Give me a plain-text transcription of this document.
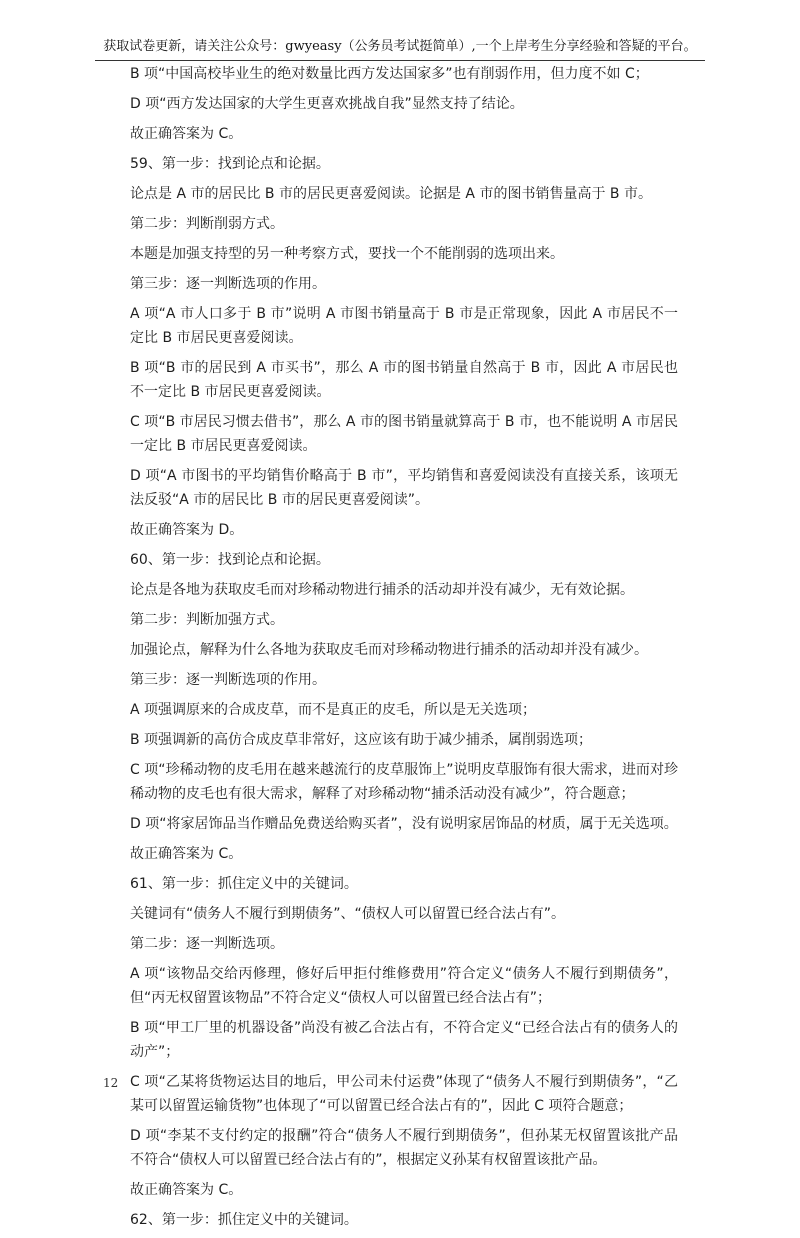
获取试卷更新，请关注公众号：gwyeasy（公务员考试挺简单）,一个上岸考生分享经验和答疑的平台。

B 项“中国高校毕业生的绝对数量比西方发达国家多”也有削弱作用，但力度不如 C；

D 项“西方发达国家的大学生更喜欢挑战自我”显然支持了结论。

故正确答案为 C。

59、第一步：找到论点和论据。

论点是 A 市的居民比 B 市的居民更喜爱阅读。论据是 A 市的图书销售量高于 B 市。

第二步：判断削弱方式。

本题是加强支持型的另一种考察方式，要找一个不能削弱的选项出来。

第三步：逐一判断选项的作用。

A 项“A 市人口多于 B 市”说明 A 市图书销量高于 B 市是正常现象，因此 A 市居民不一定比 B 市居民更喜爱阅读。

B 项“B 市的居民到 A 市买书”，那么 A 市的图书销量自然高于 B 市，因此 A 市居民也不一定比 B 市居民更喜爱阅读。

C 项“B 市居民习惯去借书”，那么 A 市的图书销量就算高于 B 市，也不能说明 A 市居民一定比 B 市居民更喜爱阅读。

D 项“A 市图书的平均销售价略高于 B 市”，平均销售和喜爱阅读没有直接关系，该项无法反驳“A 市的居民比 B 市的居民更喜爱阅读”。

故正确答案为 D。

60、第一步：找到论点和论据。

论点是各地为获取皮毛而对珍稀动物进行捕杀的活动却并没有减少，无有效论据。

第二步：判断加强方式。

加强论点，解释为什么各地为获取皮毛而对珍稀动物进行捕杀的活动却并没有减少。

第三步：逐一判断选项的作用。

A 项强调原来的合成皮草，而不是真正的皮毛，所以是无关选项；

B 项强调新的高仿合成皮草非常好，这应该有助于减少捕杀，属削弱选项；

C 项“珍稀动物的皮毛用在越来越流行的皮草服饰上”说明皮草服饰有很大需求，进而对珍稀动物的皮毛也有很大需求，解释了对珍稀动物“捕杀活动没有减少”，符合题意；

D 项“将家居饰品当作赠品免费送给购买者”，没有说明家居饰品的材质，属于无关选项。

故正确答案为 C。

61、第一步：抓住定义中的关键词。

关键词有“债务人不履行到期债务”、“债权人可以留置已经合法占有”。

第二步：逐一判断选项。

A 项“该物品交给丙修理，修好后甲拒付维修费用”符合定义“债务人不履行到期债务”，但“丙无权留置该物品”不符合定义“债权人可以留置已经合法占有”；

B 项“甲工厂里的机器设备”尚没有被乙合法占有，不符合定义“已经合法占有的债务人的动产”；

C 项“乙某将货物运达目的地后，甲公司未付运费”体现了“债务人不履行到期债务”，“乙某可以留置运输货物”也体现了“可以留置已经合法占有的”，因此 C 项符合题意；

D 项“李某不支付约定的报酬”符合“债务人不履行到期债务”，但孙某无权留置该批产品不符合“债权人可以留置已经合法占有的”，根据定义孙某有权留置该批产品。

故正确答案为 C。

62、第一步：抓住定义中的关键词。

12
